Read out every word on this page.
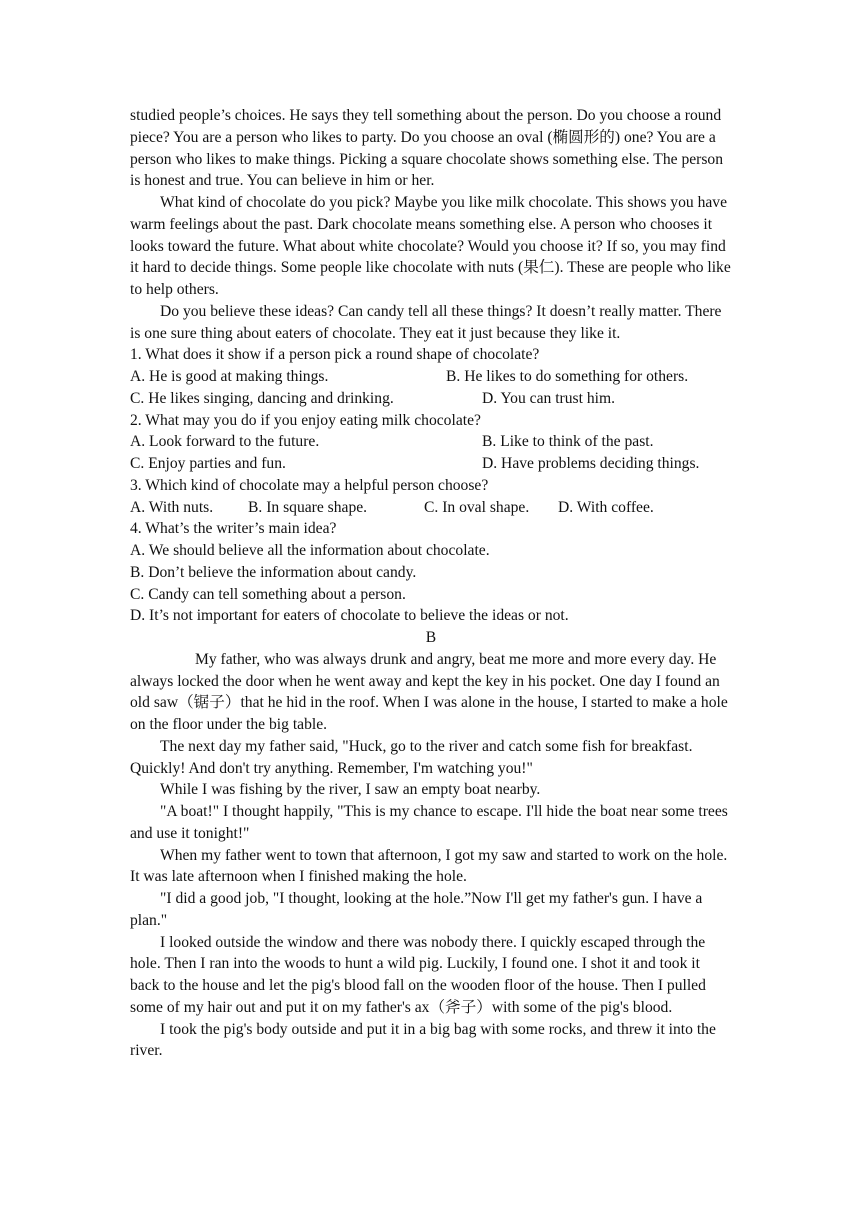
studied people’s choices. He says they tell something about the person. Do you choose a round piece? You are a person who likes to party. Do you choose an oval (椭圆形的) one? You are a person who likes to make things. Picking a square chocolate shows something else. The person is honest and true. You can believe in him or her.

What kind of chocolate do you pick? Maybe you like milk chocolate. This shows you have warm feelings about the past. Dark chocolate means something else. A person who chooses it looks toward the future. What about white chocolate? Would you choose it? If so, you may find it hard to decide things. Some people like chocolate with nuts (果仁). These are people who like to help others.

Do you believe these ideas? Can candy tell all these things? It doesn’t really matter. There is one sure thing about eaters of chocolate. They eat it just because they like it.

1. What does it show if a person pick a round shape of chocolate?

A. He is good at making things.	B. He likes to do something for others.
C. He likes singing, dancing and drinking.	D. You can trust him.

2. What may you do if you enjoy eating milk chocolate?

A. Look forward to the future.	B. Like to think of the past.
C. Enjoy parties and fun.	D. Have problems deciding things.

3. Which kind of chocolate may a helpful person choose?

A. With nuts. B. In square shape.	C. In oval shape. D. With coffee.

4. What’s the writer’s main idea?

A. We should believe all the information about chocolate.

B. Don’t believe the information about candy.

C. Candy can tell something about a person.

D. It’s not important for eaters of chocolate to believe the ideas or not.

B

My father, who was always drunk and angry, beat me more and more every day. He always locked the door when he went away and kept the key in his pocket. One day I found an old saw（锯子）that he hid in the roof. When I was alone in the house, I started to make a hole on the floor under the big table.

The next day my father said, "Huck, go to the river and catch some fish for breakfast. Quickly! And don't try anything. Remember, I'm watching you!"

While I was fishing by the river, I saw an empty boat nearby.

"A boat!" I thought happily, "This is my chance to escape. I'll hide the boat near some trees and use it tonight!"

When my father went to town that afternoon, I got my saw and started to work on the hole. It was late afternoon when I finished making the hole.

"I did a good job, "I thought, looking at the hole.”Now I'll get my father's gun. I have a plan."

I looked outside the window and there was nobody there. I quickly escaped through the hole. Then I ran into the woods to hunt a wild pig. Luckily, I found one. I shot it and took it back to the house and let the pig's blood fall on the wooden floor of the house. Then I pulled some of my hair out and put it on my father's ax（斧子）with some of the pig's blood.

I took the pig's body outside and put it in a big bag with some rocks, and threw it into the river.
